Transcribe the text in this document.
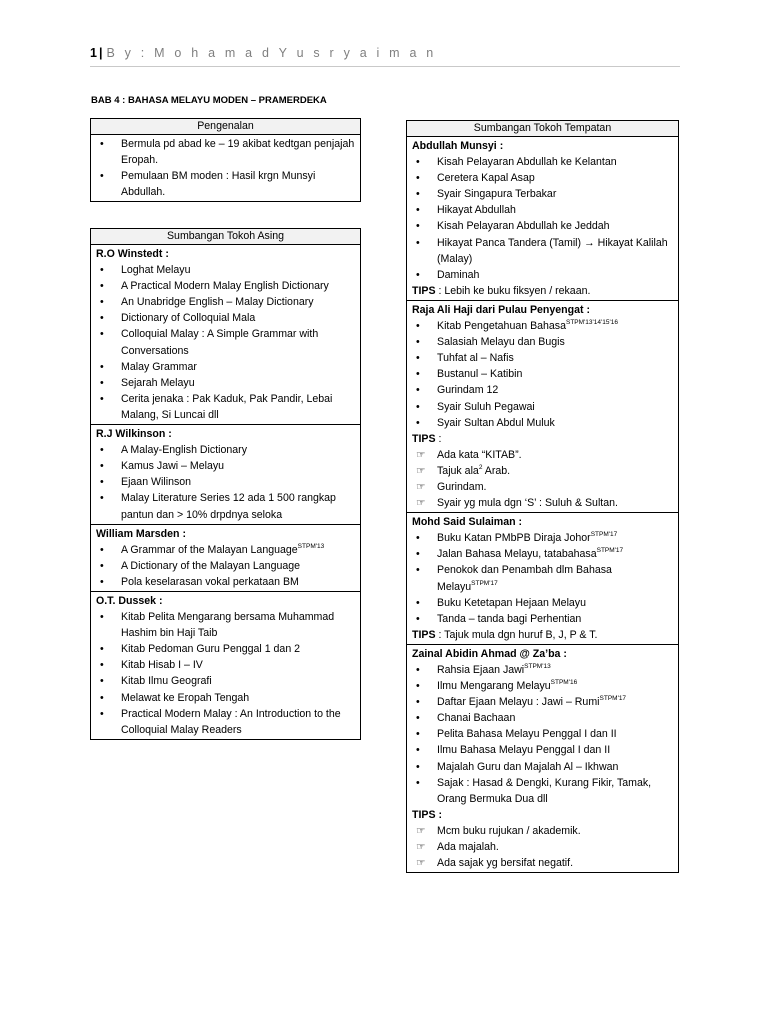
1 | B y : M o h a m a d Y u s r y a i m a n
BAB 4 : BAHASA MELAYU MODEN – PRAMERDEKA
Pengenalan
• Bermula pd abad ke – 19 akibat kedtgan penjajah Eropah.
• Pemulaan BM moden : Hasil krgn Munsyi Abdullah.
Sumbangan Tokoh Asing
R.O Winstedt :
• Loghat Melayu
• A Practical Modern Malay English Dictionary
• An Unabridge English – Malay Dictionary
• Dictionary of Colloquial Mala
• Colloquial Malay : A Simple Grammar with Conversations
• Malay Grammar
• Sejarah Melayu
• Cerita jenaka : Pak Kaduk, Pak Pandir, Lebai Malang, Si Luncai dll
R.J Wilkinson :
• A Malay-English Dictionary
• Kamus Jawi – Melayu
• Ejaan Wilinson
• Malay Literature Series 12 ada 1 500 rangkap pantun dan > 10% drpdnya seloka
William Marsden :
• A Grammar of the Malayan Language$^{STPM'13}$
• A Dictionary of the Malayan Language
• Pola keselarasan vokal perkataan BM
O.T. Dussek :
• Kitab Pelita Mengarang bersama Muhammad Hashim bin Haji Taib
• Kitab Pedoman Guru Penggal 1 dan 2
• Kitab Hisab I – IV
• Kitab Ilmu Geografi
• Melawat ke Eropah Tengah
• Practical Modern Malay : An Introduction to the Colloquial Malay Readers
Sumbangan Tokoh Tempatan
Abdullah Munsyi :
• Kisah Pelayaran Abdullah ke Kelantan
• Ceretera Kapal Asap
• Syair Singapura Terbakar
• Hikayat Abdullah
• Kisah Pelayaran Abdullah ke Jeddah
• Hikayat Panca Tandera (Tamil) → Hikayat Kalilah (Malay)
• Daminah
TIPS : Lebih ke buku fiksyen / rekaan.
Raja Ali Haji dari Pulau Penyengat :
• Kitab Pengetahuan Bahasa$^{STPM'13'14'15'16}$
• Salasiah Melayu dan Bugis
• Tuhfat al – Nafis
• Bustanul – Katibin
• Gurindam 12
• Syair Suluh Pegawai
• Syair Sultan Abdul Muluk
TIPS :
☞ Ada kata “KITAB”.
☞ Tajuk ala$^2$ Arab.
☞ Gurindam.
☞ Syair yg mula dgn ‘S’ : Suluh & Sultan.
Mohd Said Sulaiman :
• Buku Katan PMbPB Diraja Johor$^{STPM'17}$
• Jalan Bahasa Melayu, tatabahasa$^{STPM'17}$
• Penokok dan Penambah dlm Bahasa Melayu$^{STPM'17}$
• Buku Ketetapan Hejaan Melayu
• Tanda – tanda bagi Perhentian
TIPS : Tajuk mula dgn huruf B, J, P & T.
Zainal Abidin Ahmad @ Za’ba :
• Rahsia Ejaan Jawi$^{STPM'13}$
• Ilmu Mengarang Melayu$^{STPM'16}$
• Daftar Ejaan Melayu : Jawi – Rumi$^{STPM'17}$
• Chanai Bachaan
• Pelita Bahasa Melayu Penggal I dan II
• Ilmu Bahasa Melayu Penggal I dan II
• Majalah Guru dan Majalah Al – Ikhwan
• Sajak : Hasad & Dengki, Kurang Fikir, Tamak, Orang Bermuka Dua dll
TIPS :
☞ Mcm buku rujukan / akademik.
☞ Ada majalah.
☞ Ada sajak yg bersifat negatif.
